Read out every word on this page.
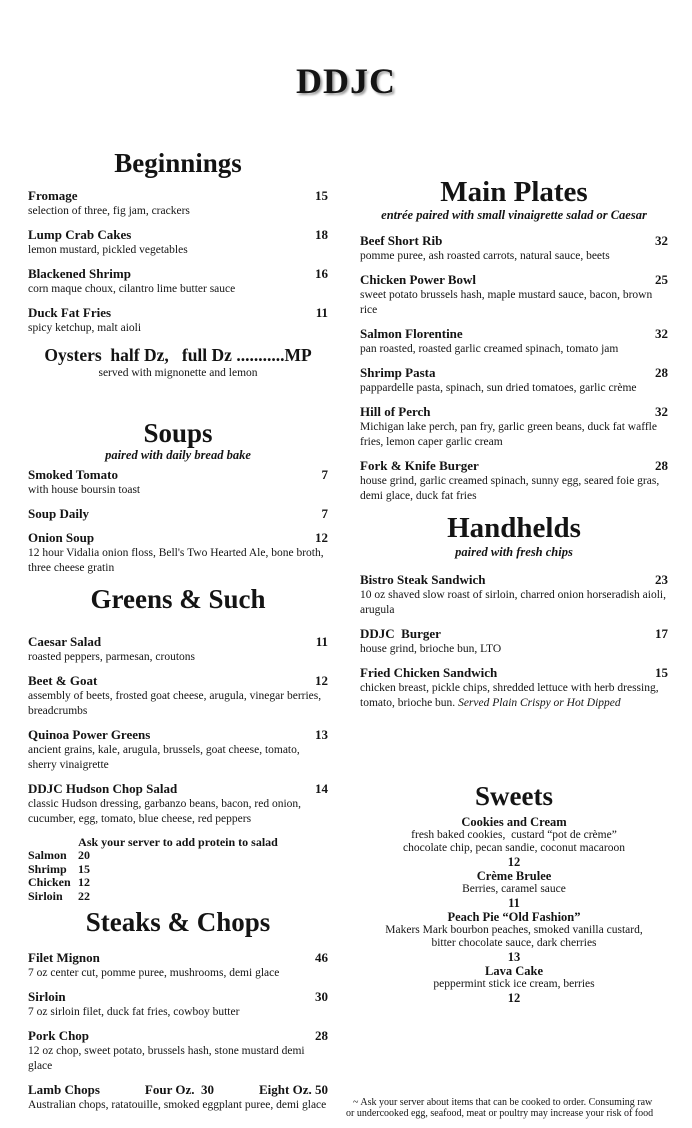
DDJC
Beginnings
Fromage	15
selection of three, fig jam, crackers
Lump Crab Cakes	18
lemon mustard, pickled vegetables
Blackened Shrimp	16
corn maque choux, cilantro lime butter sauce
Duck Fat Fries	11
spicy ketchup, malt aioli
Oysters  half Dz,   full Dz ...........MP
served with mignonette and lemon
Soups
paired with daily bread bake
Smoked Tomato	7
with house boursin toast
Soup Daily	7
Onion Soup	12
12 hour Vidalia onion floss, Bell's Two Hearted Ale, bone broth, three cheese gratin
Greens & Such
Caesar Salad	11
roasted peppers, parmesan, croutons
Beet & Goat	12
assembly of beets, frosted goat cheese, arugula, vinegar berries, breadcrumbs
Quinoa Power Greens	13
ancient grains, kale, arugula, brussels, goat cheese, tomato, sherry vinaigrette
DDJC Hudson Chop Salad	14
classic Hudson dressing, garbanzo beans, bacon, red onion, cucumber, egg, tomato, blue cheese, red peppers
Ask your server to add protein to salad
Salmon 20
Shrimp 15
Chicken 12
Sirloin	22
Steaks & Chops
Filet Mignon	46
7 oz center cut, pomme puree, mushrooms, demi glace
Sirloin	30
7 oz sirloin filet, duck fat fries, cowboy butter
Pork Chop	28
12 oz chop, sweet potato, brussels hash, stone mustard demi glace
Lamb Chops	Four Oz.  30	Eight Oz. 50
Australian chops, ratatouille, smoked eggplant puree, demi glace
Main Plates
entrée paired with small vinaigrette salad or Caesar
Beef Short Rib	32
pomme puree, ash roasted carrots, natural sauce, beets
Chicken Power Bowl	25
sweet potato brussels hash, maple mustard sauce, bacon, brown rice
Salmon Florentine	32
pan roasted, roasted garlic creamed spinach, tomato jam
Shrimp Pasta	28
pappardelle pasta, spinach, sun dried tomatoes, garlic crème
Hill of Perch	32
Michigan lake perch, pan fry, garlic green beans, duck fat waffle fries, lemon caper garlic cream
Fork & Knife Burger	28
house grind, garlic creamed spinach, sunny egg, seared foie gras, demi glace, duck fat fries
Handhelds
paired with fresh chips
Bistro Steak Sandwich	23
10 oz shaved slow roast of sirloin, charred onion horseradish aioli, arugula
DDJC  Burger	17
house grind, brioche bun, LTO
Fried Chicken Sandwich	15
chicken breast, pickle chips, shredded lettuce with herb dressing, tomato, brioche bun. Served Plain Crispy or Hot Dipped
Sweets
Cookies and Cream
fresh baked cookies,  custard “pot de crème”
chocolate chip, pecan sandie, coconut macaroon
12
Crème Brulee
Berries, caramel sauce
11
Peach Pie “Old Fashion”
Makers Mark bourbon peaches, smoked vanilla custard,
bitter chocolate sauce, dark cherries
13
Lava Cake
peppermint stick ice cream, berries
12
~ Ask your server about items that can be cooked to order. Consuming raw
or undercooked egg, seafood, meat or poultry may increase your risk of food
